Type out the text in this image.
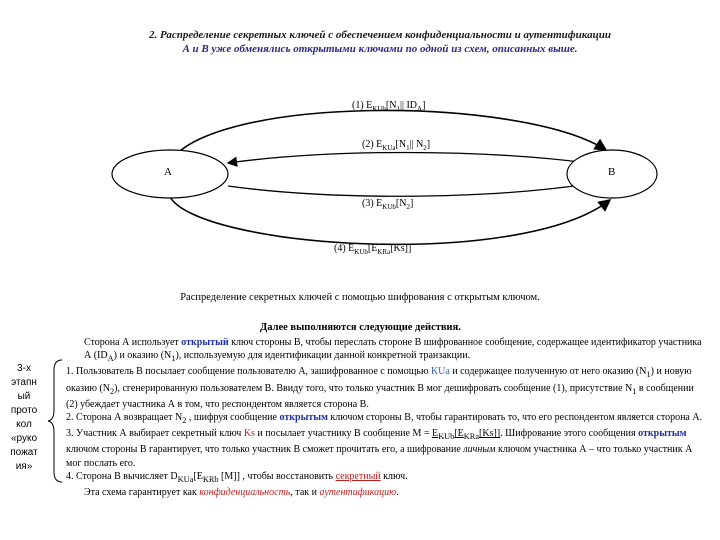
2. Распределение секретных ключей с обеспечением конфиденциальности и аутентификации
А и В уже обменялись открытыми ключами по одной из схем, описанных выше.
A	B
(1) $E_{KUb}[N_1||$ $ID_A$]
(2) $E_{KUa}[N_1||$ $N_2$]
(3) $E_{KUb}[N_2]$
(4) $E_{KUb}[E_{KRa}[Ks]]$
Распределение секретных ключей с помощью шифрования с открытым ключом.
Далее выполняются следующие действия.
3-х
этапн
ый
прото
кол
«руко
пожат
ия»

Сторона А использует открытый ключ стороны В, чтобы переслать стороне В шифрованное сообщение, содержащее идентификатор участника А $(ID_A)$ и оказию $(N_1)$, используемую для идентификации данной конкретной транзакции.

1. Пользователь В посылает сообщение пользователю А, зашифрованное с помощью KUa и содержащее полученную от него оказию $(N_1)$ и новую оказию $(N_2)$, сгенерированную пользователем В. Ввиду того, что только участник В мог дешифровать сообщение (1), присутствие $N_1$ в сообщении (2) убеждает участника А в том, что респондентом является сторона В.

2. Сторона А возвращает $N_2$ , шифруя сообщение открытым ключом стороны В, чтобы гарантировать то, что его респондентом является сторона А.

3. Участник А выбирает секретный ключ Ks и посылает участнику В сообщение $M = E_{KUb}[E_{KRa}[Ks]]$. Шифрование этого сообщения открытым ключом стороны В гарантирует, что только участник В сможет прочитать его, а шифрование личным ключом участника А – что только участник А мог послать его.

4. Сторона В вычисляет $D_{KUa}[E_{KRb}$ [M]] , чтобы восстановить секретный ключ.

Эта схема гарантирует как конфиденциальность, так и аутентификацию.
